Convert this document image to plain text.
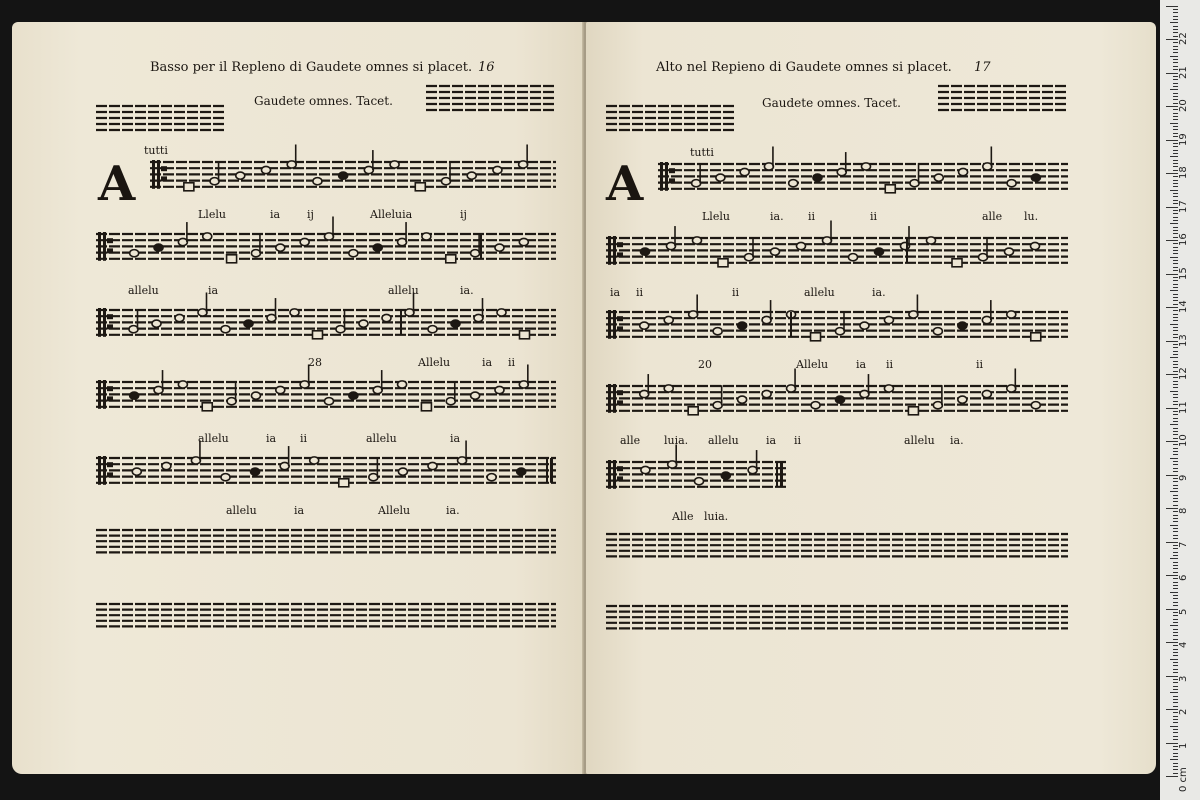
Basso per il Repleno di Gaudete omnes si placet. 16
Gaudete omnes. Tacet.
tutti
A
Llelu	ia ij	Alleluia	ij
allelu	ia	allelu	ia.
28	Allelu	ia ii
allelu	ia ii	allelu	ia
allelu	ia	Allelu	ia.
Alto nel Repieno di Gaudete omnes si placet. 17
Gaudete omnes. Tacet.
tutti
A
Llelu	ia. ii	ii	alle lu.
ia ii	ii	allelu	ia.
20	Allelu	ia ii	ii
alle luia. allelu ia ii	allelu ia.
Alle luia.
0 cm
1
2
3
4
5
6
7
8
9
10
11
12
13
14
15
16
17
18
19
20
21
22
